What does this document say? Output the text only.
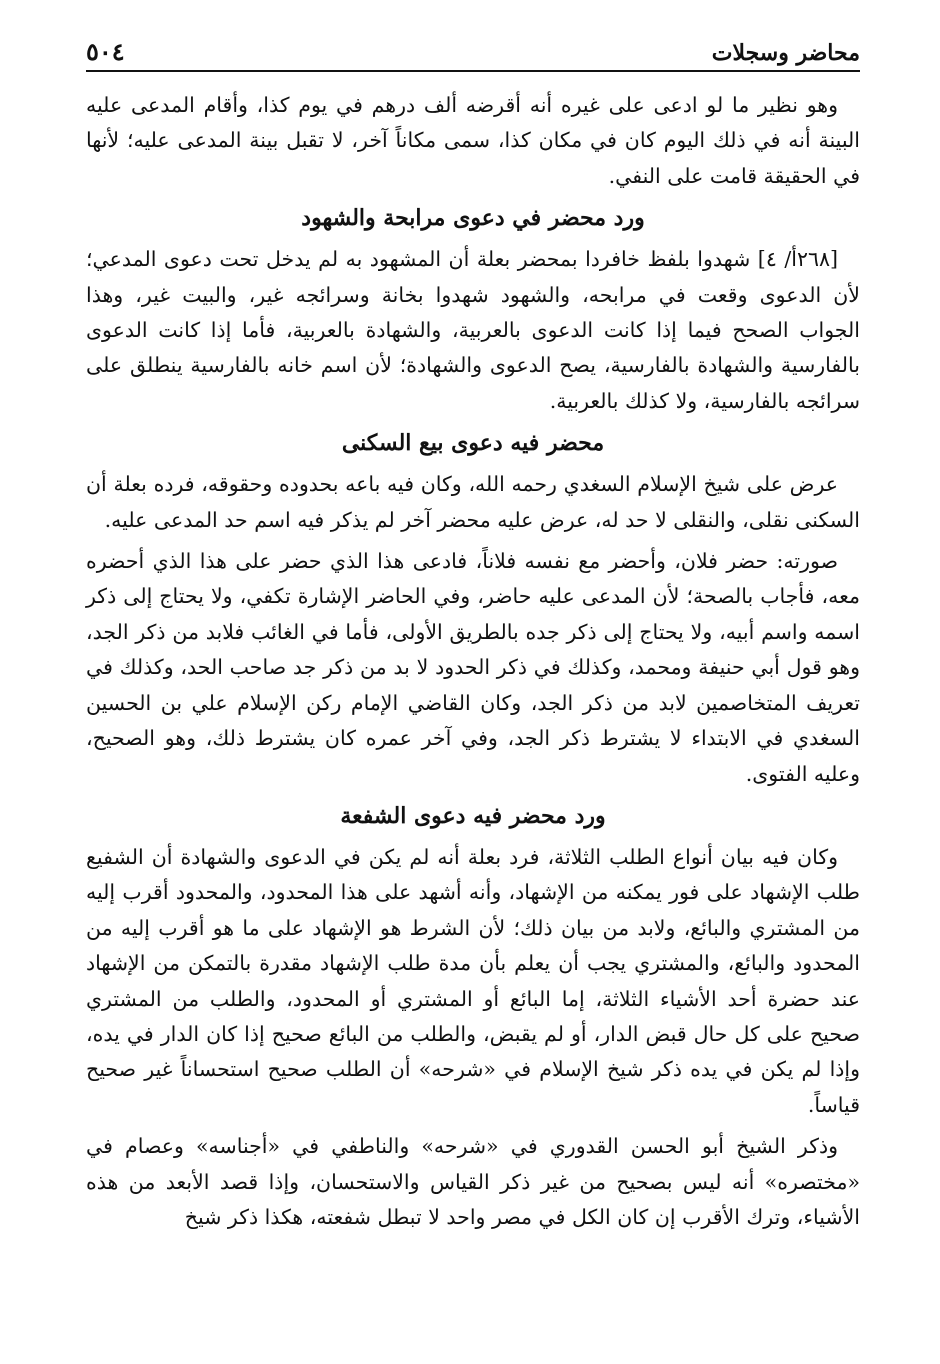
محاضر وسجلات
٥٠٤

وهو نظير ما لو ادعى على غيره أنه أقرضه ألف درهم في يوم كذا، وأقام المدعى عليه البينة أنه في ذلك اليوم كان في مكان كذا، سمى مكاناً آخر، لا تقبل بينة المدعى عليه؛ لأنها في الحقيقة قامت على النفي.

ورد محضر في دعوى مرابحة والشهود

[٢٦٨أ/ ٤] شهدوا بلفظ خافردا بمحضر بعلة أن المشهود به لم يدخل تحت دعوى المدعي؛ لأن الدعوى وقعت في مرابحه، والشهود شهدوا بخانة وسرائجه غير، والبيت غير، وهذا الجواب الصحح فيما إذا كانت الدعوى بالعربية، والشهادة بالعربية، فأما إذا كانت الدعوى بالفارسية والشهادة بالفارسية، يصح الدعوى والشهادة؛ لأن اسم خانه بالفارسية ينطلق على سرائجه بالفارسية، ولا كذلك بالعربية.

محضر فيه دعوى بيع السكنى

عرض على شيخ الإسلام السغدي رحمه الله، وكان فيه باعه بحدوده وحقوقه، فرده بعلة أن السكنى نقلى، والنقلى لا حد له، عرض عليه محضر آخر لم يذكر فيه اسم حد المدعى عليه.

صورته: حضر فلان، وأحضر مع نفسه فلاناً، فادعى هذا الذي حضر على هذا الذي أحضره معه، فأجاب بالصحة؛ لأن المدعى عليه حاضر، وفي الحاضر الإشارة تكفي، ولا يحتاج إلى ذكر اسمه واسم أبيه، ولا يحتاج إلى ذكر جده بالطريق الأولى، فأما في الغائب فلابد من ذكر الجد، وهو قول أبي حنيفة ومحمد، وكذلك في ذكر الحدود لا بد من ذكر جد صاحب الحد، وكذلك في تعريف المتخاصمين لابد من ذكر الجد، وكان القاضي الإمام ركن الإسلام علي بن الحسين السغدي في الابتداء لا يشترط ذكر الجد، وفي آخر عمره كان يشترط ذلك، وهو الصحيح، وعليه الفتوى.

ورد محضر فيه دعوى الشفعة

وكان فيه بيان أنواع الطلب الثلاثة، فرد بعلة أنه لم يكن في الدعوى والشهادة أن الشفيع طلب الإشهاد على فور يمكنه من الإشهاد، وأنه أشهد على هذا المحدود، والمحدود أقرب إليه من المشتري والبائع، ولابد من بيان ذلك؛ لأن الشرط هو الإشهاد على ما هو أقرب إليه من المحدود والبائع، والمشتري يجب أن يعلم بأن مدة طلب الإشهاد مقدرة بالتمكن من الإشهاد عند حضرة أحد الأشياء الثلاثة، إما البائع أو المشتري أو المحدود، والطلب من المشتري صحيح على كل حال قبض الدار، أو لم يقبض، والطلب من البائع صحيح إذا كان الدار في يده، وإذا لم يكن في يده ذكر شيخ الإسلام في «شرحه» أن الطلب صحيح استحساناً غير صحيح قياساً.

وذكر الشيخ أبو الحسن القدوري في «شرحه» والناطفي في «أجناسه» وعصام في «مختصره» أنه ليس بصحيح من غير ذكر القياس والاستحسان، وإذا قصد الأبعد من هذه الأشياء، وترك الأقرب إن كان الكل في مصر واحد لا تبطل شفعته، هكذا ذكر شيخ
